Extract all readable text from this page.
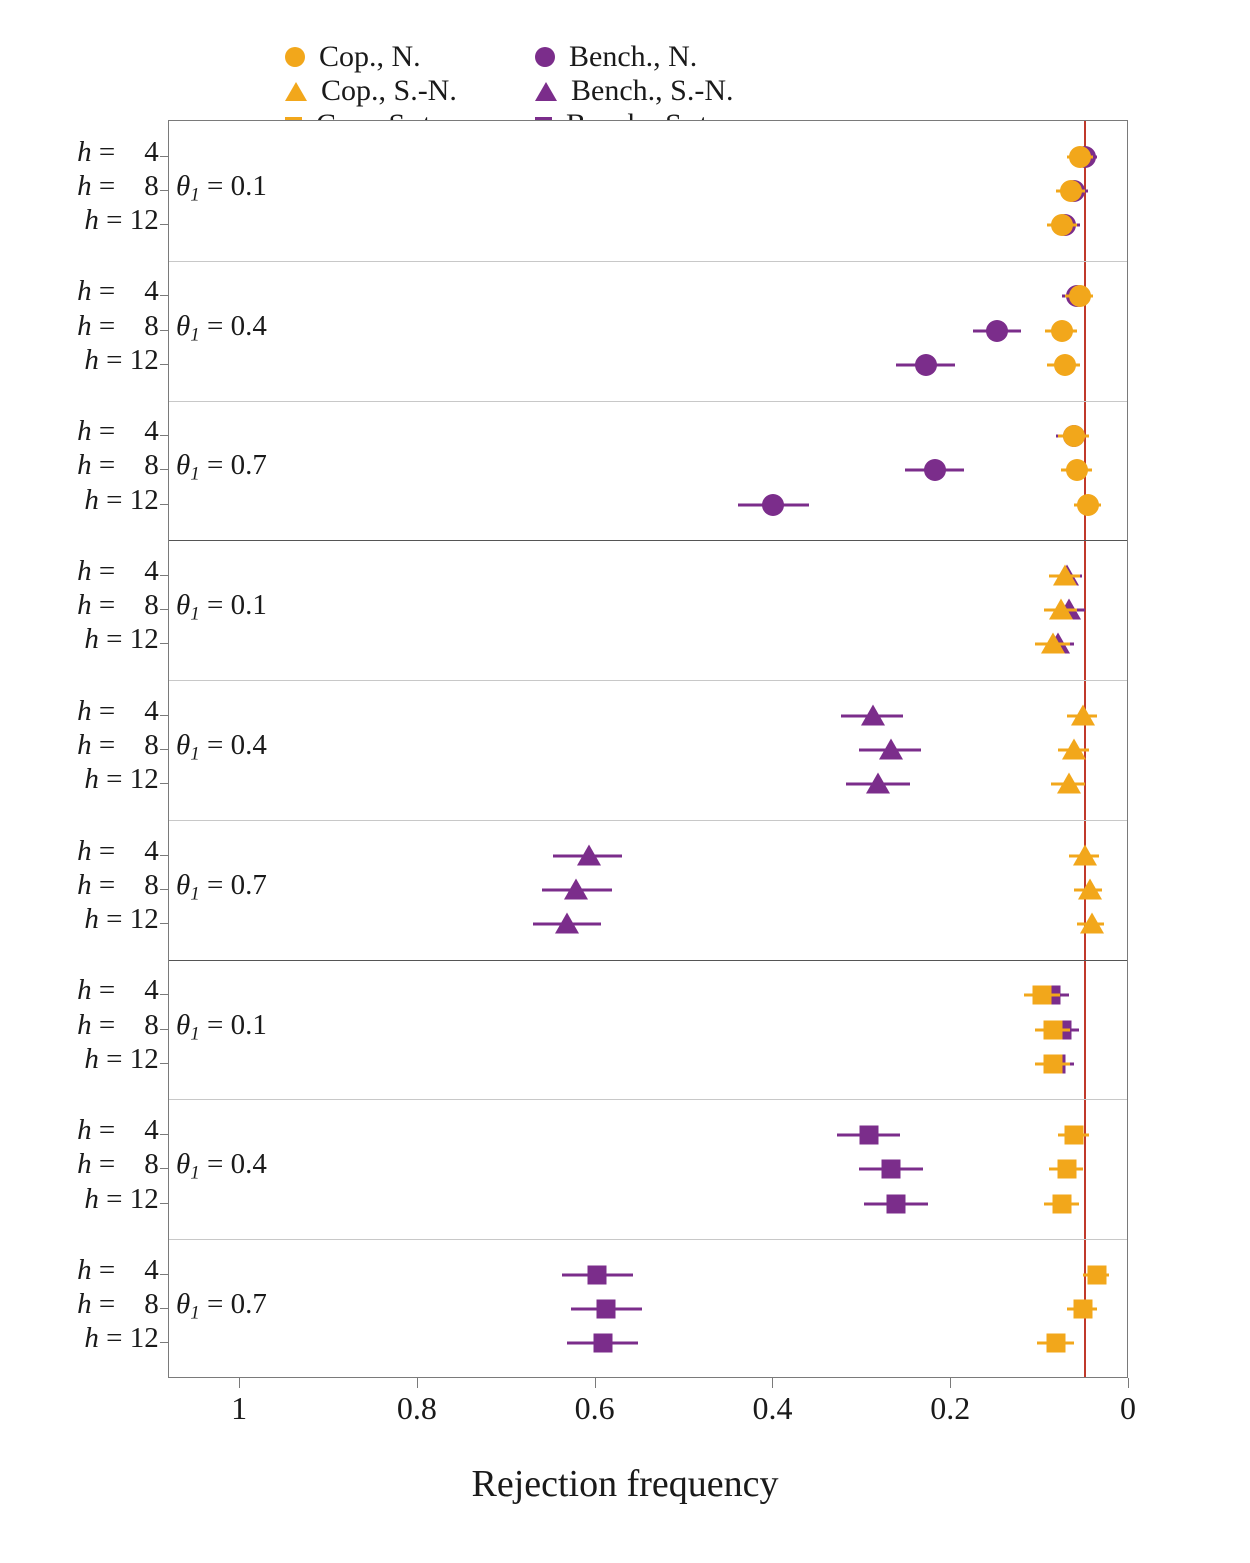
Cop., N.	Bench., N.
Cop., S.-N.	Bench., S.-N.
h =    4
h =    8
h = 12
h =    4
h =    8
h = 12
h =    4
h =    8
h = 12
h =    4
h =    8
h = 12
h =    4
h =    8
h = 12
h =    4
h =    8
h = 12
h =    4
h =    8
h = 12
h =    4
h =    8
h = 12
h =    4
h =    8
h = 12
1	0.8	0.6	0.4	0.2	0
Rejection frequency
$\theta_1 = 0.1$
$\theta_1 = 0.4$
$\theta_1 = 0.7$
$\theta_1 = 0.1$
$\theta_1 = 0.4$
$\theta_1 = 0.7$
$\theta_1 = 0.1$
$\theta_1 = 0.4$
$\theta_1 = 0.7$
